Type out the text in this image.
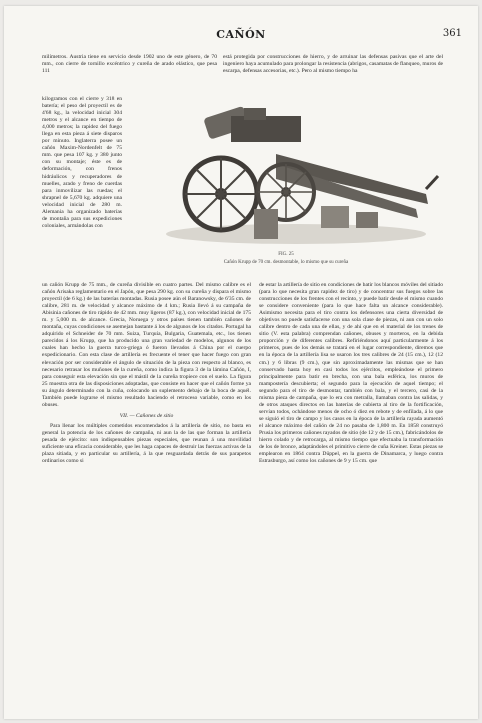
CAÑÓN	361

milímetros. Austria tiene en servicio desde 1902 uno de este género, de 70 mm., con cierre de tornillo excéntrico y cureña de arado elástico, que pesa 111

kilogramos con el cierre y 318 en batería; el peso del proyectil es de 4'68 kg., la velocidad inicial 304 metros y el alcance en tiempo de 4,000 metros; la rapidez del fuego llega en esta pieza á siete disparos por minuto. Inglaterra posee un cañón Maxim-Nordenfelt de 75 mm. que pesa 107 kg. y 380 junto con su montaje; éste es de deformación, con frenos hidráulicos y recuperadores de muelles, arado y freno de cuerdas para inmovilizar las ruedas; el shrapnel de 5,670 kg. adquiere una velocidad inicial de 280 m. Alemania ha organizado baterías de montaña para sus expediciones coloniales, armándolas con

está protegida por construcciones de hierro, y de arruinar las defensas pasivas que el arte del ingeniero haya acumulado para prolongar la resistencia (abrigos, casamatas de flanqueo, muros de escarpa, defensas accesorias, etc.). Pero al mismo tiempo ha

FIG. 25
Cañón Krupp de 70 cm. desmontable, lo mismo que su cureña

un cañón Krupp de 75 mm., de cureña divisible en cuatro partes. Del mismo calibre es el cañón Arisaka reglamentario en el Japón, que pesa 290 kg. con su cureña y dispara el mismo proyectil (de 6 kg.) de las baterías montadas. Rusia posee aún el Baranowsky, de 6'35 cm. de calibre, 281 m. de velocidad y alcance máximo de 4 km.; Rusia llevó á su campaña de Abisinia cañones de tiro rápido de 42 mm. muy ligeros (87 kg.), con velocidad inicial de 175 m. y 5,000 m. de alcance. Grecia, Noruega y otros países tienen también cañones de montaña, cuyas condiciones se asemejan bastante á los de algunos de los citados. Portugal ha adquirido el Schneider de 70 mm. Suiza, Turquía, Bulgaria, Guatemala, etc., los tienen parecidos á los Krupp, que ha producido una gran variedad de modelos, algunos de los cuales han hecho la guerra turco-griega ó fueron llevados á China por el cuerpo expedicionario. Con esta clase de artillería es frecuente el tener que hacer fuego con gran elevación por ser considerable el ángulo de situación de la pieza con respecto al blanco, es necesario retrasar los muñones de la cureña, como indica la figura 3 de la lámina Cañón, I, para conseguir esta elevación sin que el mástil de la cureña tropiece con el suelo. La figura 25 muestra otra de las disposiciones adoptadas, que consiste en hacer que el cañón forme ya su ángulo determinado con la cuña, colocando un suplemento debajo de la boca de aquél. También puede lograrse el mismo resultado haciendo el retroceso variable, como en los obuses.

VII. — Cañones de sitio

Para llenar los múltiples cometidos encomendados á la artillería de sitio, no basta en general la potencia de los cañones de campaña, ni aun la de las que forman la artillería pesada de ejército: son indispensables piezas especiales, que reunan á una movilidad suficiente una eficacia considerable, que les haga capaces de destruir las fuerzas activas de la plaza sitiada, y en particular su artillería, á la que resguardada detrás de sus parapetos ordinarios como si

de estar la artillería de sitio en condiciones de batir los blancos móviles del sitiado (para lo que necesita gran rapidez de tiro) y de concentrar sus fuegos sobre las construcciones de los frentes con el recinto, y puede batir desde el mismo cuando se considere conveniente (para lo que hace falta un alcance considerable). Asimismo necesita para el tiro contra los defensores una cierta diversidad de objetivos no puede satisfacerse con una sola clase de piezas, ni aun con un solo calibre dentro de cada una de ellas, y de ahí que en el material de los trenes de sitio (V. esta palabra) comprendan cañones, obuses y morteros, en la debida proporción y de diferentes calibres. Refiriéndonos aquí particularmente á los primeros, pues de los demás se tratará en el lugar correspondiente, diremos que en la época de la artillería lisa se usaron los tres calibres de 24 (15 cm.), 12 (12 cm.) y 6 libras (9 cm.), que sin aproximadamente las mismas que se han conservado hasta hoy en casi todos los ejércitos, empleándose el primero principalmente para batir en brecha, con una bala esférica, los muros de mampostería descubierta; el segundo para la ejecución de aquel tiempo; el segundo para el tiro de desmontar, también con bala, y el tercero, casi de la misma pieza de campaña, que lo era con metralla, llamaban contra las salidas, y de otros ataques directos en las baterías de cubierta al tiro de la fortificación, servían todos, ochándose menos de ocho ó diez en rebote y de enfilada, á lo que se siguió el tiro de campo y los casos en la época de la artillería rayada aumentó el alcance máximo del cañón de 24 no pasaba de 1,800 m. En 1858 construyó Prusia los primeros cañones rayados de sitio (de 12 y de 15 cm.), fabricándolos de hierro colado y de retrocarga, al mismo tiempo que efectuaba la transformación de los de bronce, adaptándoles el primitivo cierre de cuña Kreiner. Estas piezas se emplearon en 1864 contra Düppel, en la guerra de Dinamarca, y luego contra Estrasburgo, así como los cañones de 9 y 15 cm. que
